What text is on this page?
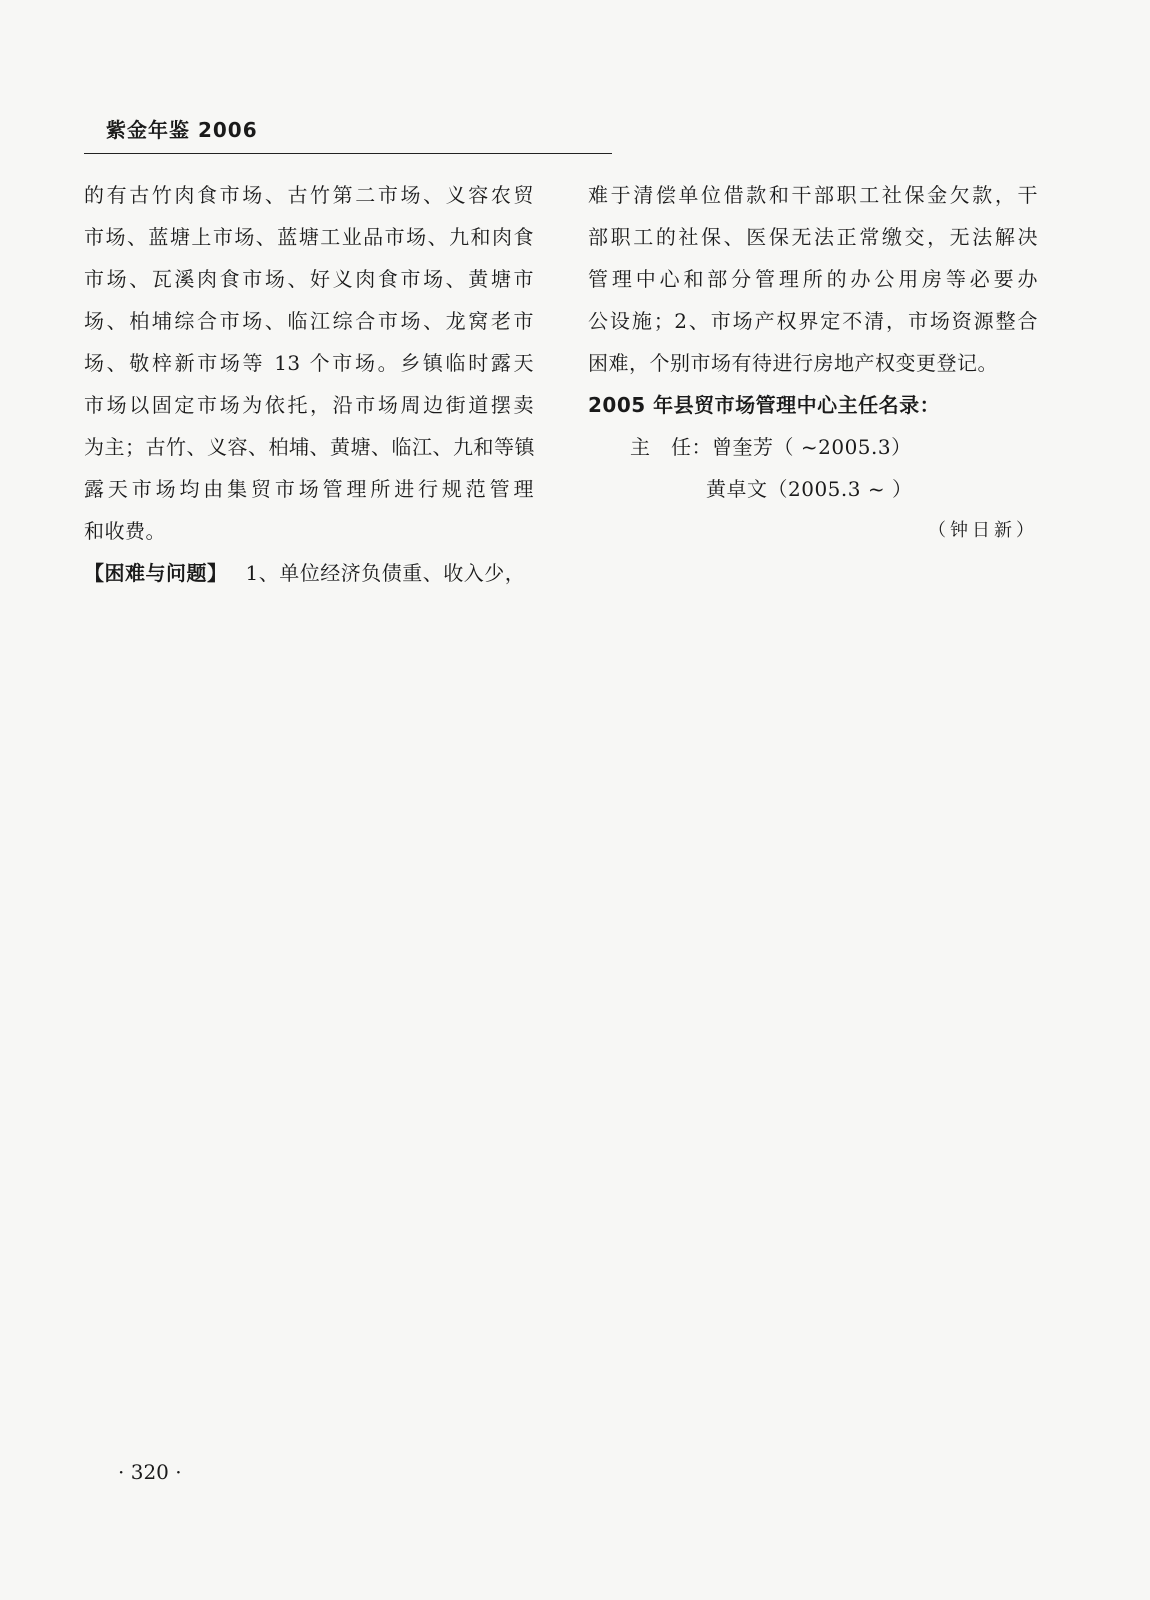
紫金年鉴 2006
的有古竹肉食市场、古竹第二市场、义容农贸
市场、蓝塘上市场、蓝塘工业品市场、九和肉食
市场、瓦溪肉食市场、好义肉食市场、黄塘市
场、柏埔综合市场、临江综合市场、龙窝老市
场、敬梓新市场等 13 个市场。乡镇临时露天
市场以固定市场为依托，沿市场周边街道摆卖
为主；古竹、义容、柏埔、黄塘、临江、九和等镇
露天市场均由集贸市场管理所进行规范管理
和收费。
【困难与问题】 1、单位经济负债重、收入少，
难于清偿单位借款和干部职工社保金欠款，干
部职工的社保、医保无法正常缴交，无法解决
管理中心和部分管理所的办公用房等必要办
公设施；2、市场产权界定不清，市场资源整合
困难，个别市场有待进行房地产权变更登记。
2005 年县贸市场管理中心主任名录：
主　任：曾奎芳（ ~2005.3）
黄卓文（2005.3 ~ ）
（钟日新）
· 320 ·
